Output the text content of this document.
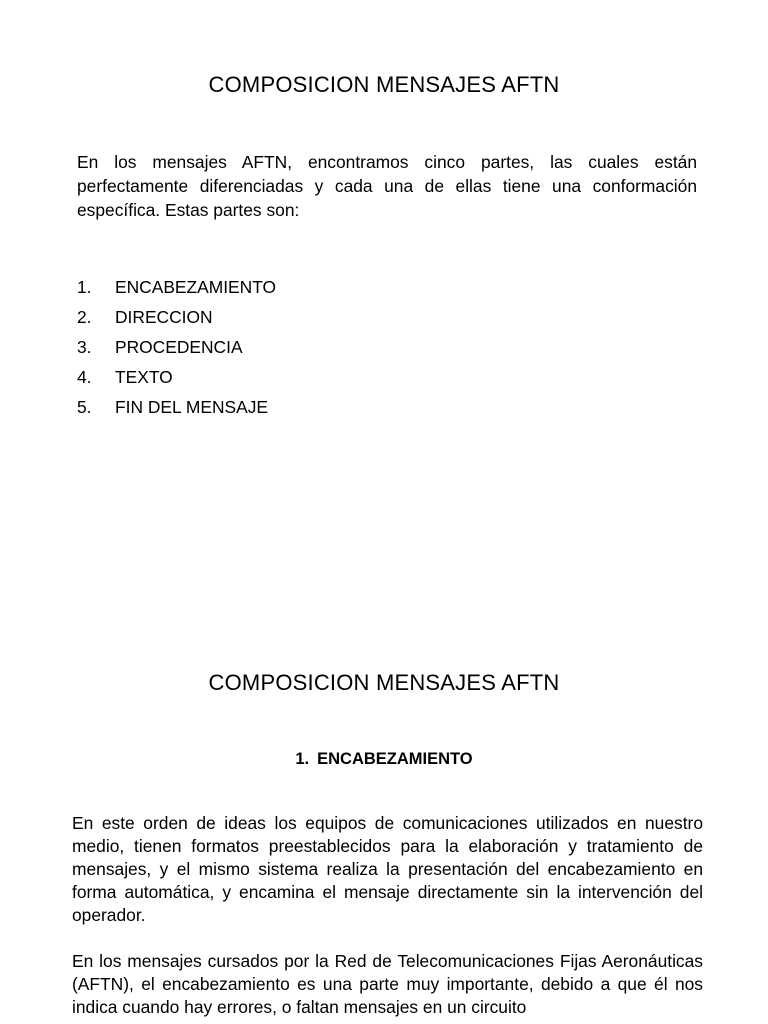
COMPOSICION MENSAJES AFTN
En los mensajes AFTN, encontramos cinco partes, las cuales están perfectamente diferenciadas y cada una de ellas tiene una conformación específica. Estas partes son:
1.	ENCABEZAMIENTO
2.	DIRECCION
3.	PROCEDENCIA
4.	TEXTO
5.	FIN DEL MENSAJE
COMPOSICION MENSAJES AFTN
1. ENCABEZAMIENTO
En este orden de ideas los equipos de comunicaciones utilizados en nuestro medio, tienen formatos preestablecidos para la elaboración y tratamiento de mensajes, y el mismo sistema realiza la presentación del encabezamiento en forma automática, y encamina el mensaje directamente sin la intervención del operador.
En los mensajes cursados por la Red de Telecomunicaciones Fijas Aeronáuticas (AFTN), el encabezamiento es una parte muy importante, debido a que él nos indica cuando hay errores, o faltan mensajes en un circuito
